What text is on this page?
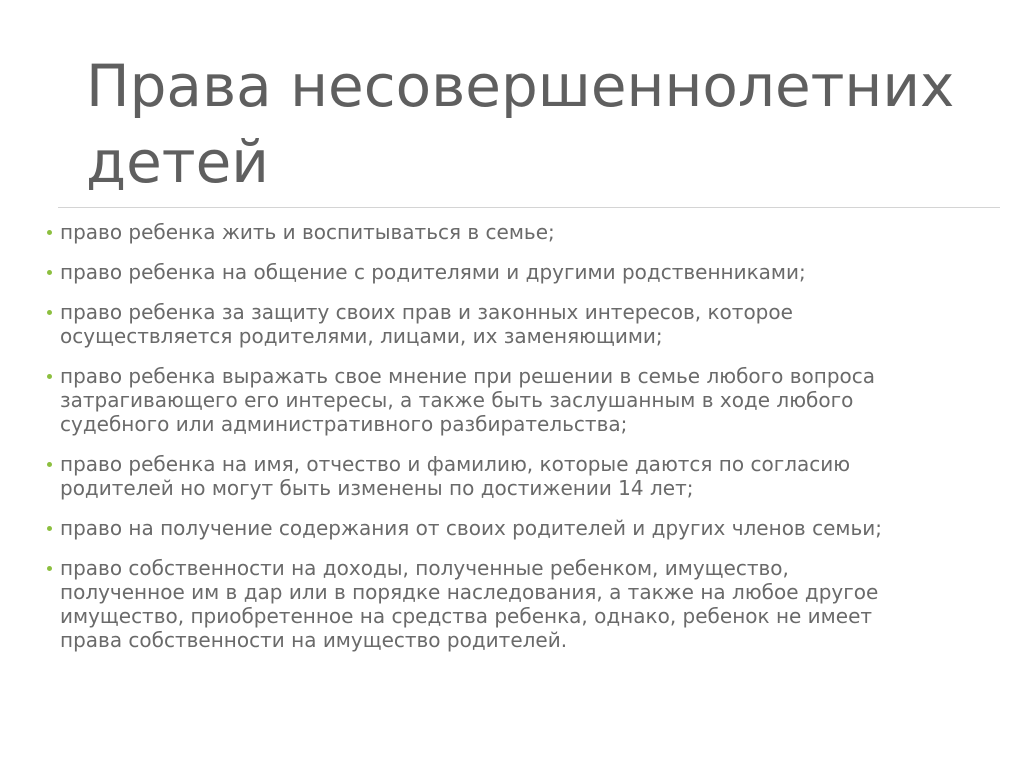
Права несовершеннолетних
детей
право ребенка жить и воспитываться в семье;
право ребенка на общение с родителями и другими родственниками;
право ребенка за защиту своих прав и законных интересов, которое
осуществляется родителями, лицами, их заменяющими;
право ребенка выражать свое мнение при решении в семье любого вопроса
затрагивающего его интересы, а также быть заслушанным в ходе любого
судебного или административного разбирательства;
право ребенка на имя, отчество и фамилию, которые даются по согласию
родителей но могут быть изменены по достижении 14 лет;
право на получение содержания от своих родителей и других членов семьи;
право собственности на доходы, полученные ребенком, имущество,
полученное им в дар или в порядке наследования, а также на любое другое
имущество, приобретенное на средства ребенка, однако, ребенок не имеет
права собственности на имущество родителей.
